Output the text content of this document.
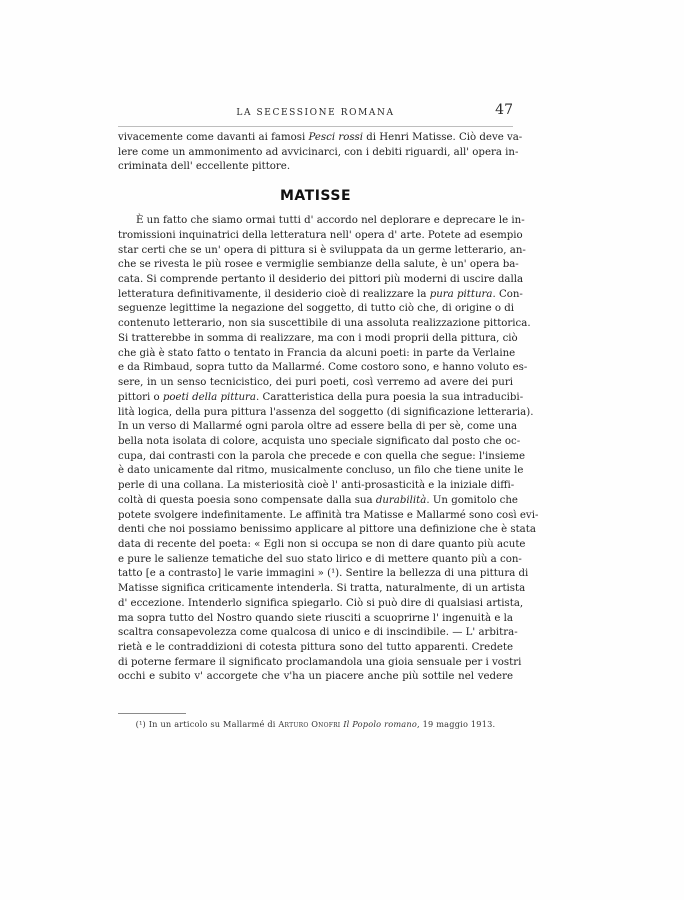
LA SECESSIONE ROMANA	47
vivacemente come davanti ai famosi Pesci rossi di Henri Matisse. Ciò deve va-
lere come un ammonimento ad avvicinarci, con i debiti riguardi, all' opera in-
criminata dell' eccellente pittore.
MATISSE
È un fatto che siamo ormai tutti d' accordo nel deplorare e deprecare le in-
tromissioni inquinatrici della letteratura nell' opera d' arte. Potete ad esempio
star certi che se un' opera di pittura si è sviluppata da un germe letterario, an-
che se rivesta le più rosee e vermiglie sembianze della salute, è un' opera ba-
cata. Si comprende pertanto il desiderio dei pittori più moderni di uscire dalla
letteratura definitivamente, il desiderio cioè di realizzare la pura pittura. Con-
seguenze legittime la negazione del soggetto, di tutto ciò che, di origine o di
contenuto letterario, non sia suscettibile di una assoluta realizzazione pittorica.
Si tratterebbe in somma di realizzare, ma con i modi proprii della pittura, ciò
che già è stato fatto o tentato in Francia da alcuni poeti: in parte da Verlaine
e da Rimbaud, sopra tutto da Mallarmé. Come costoro sono, e hanno voluto es-
sere, in un senso tecnicistico, dei puri poeti, così verremo ad avere dei puri
pittori o poeti della pittura. Caratteristica della pura poesia la sua intraducibi-
lità logica, della pura pittura l'assenza del soggetto (di significazione letteraria).
In un verso di Mallarmé ogni parola oltre ad essere bella di per sè, come una
bella nota isolata di colore, acquista uno speciale significato dal posto che oc-
cupa, dai contrasti con la parola che precede e con quella che segue: l'insieme
è dato unicamente dal ritmo, musicalmente concluso, un filo che tiene unite le
perle di una collana. La misteriosità cioè l' anti-prosasticità e la iniziale diffi-
coltà di questa poesia sono compensate dalla sua durabilità. Un gomitolo che
potete svolgere indefinitamente. Le affinità tra Matisse e Mallarmé sono così evi-
denti che noi possiamo benissimo applicare al pittore una definizione che è stata
data di recente del poeta: « Egli non si occupa se non di dare quanto più acute
e pure le salienze tematiche del suo stato lirico e di mettere quanto più a con-
tatto [e a contrasto] le varie immagini » (¹). Sentire la bellezza di una pittura di
Matisse significa criticamente intenderla. Si tratta, naturalmente, di un artista
d' eccezione. Intenderlo significa spiegarlo. Ciò si può dire di qualsiasi artista,
ma sopra tutto del Nostro quando siete riusciti a scuoprirne l' ingenuità e la
scaltra consapevolezza come qualcosa di unico e di inscindibile. — L' arbitra-
rietà e le contraddizioni di cotesta pittura sono del tutto apparenti. Credete
di poterne fermare il significato proclamandola una gioia sensuale per i vostri
occhi e subito v' accorgete che v'ha un piacere anche più sottile nel vedere
(¹) In un articolo su Mallarmé di Arturo Onofri Il Popolo romano, 19 maggio 1913.
